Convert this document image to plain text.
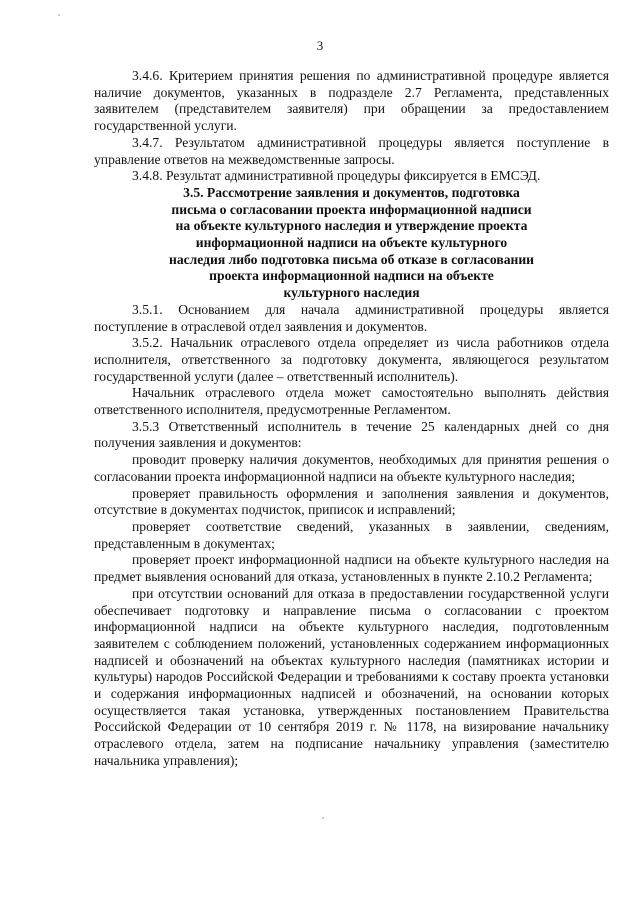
3

3.4.6. Критерием принятия решения по административной процедуре является наличие документов, указанных в подразделе 2.7 Регламента, представленных заявителем (представителем заявителя) при обращении за предоставлением государственной услуги.

3.4.7. Результатом административной процедуры является поступление в управление ответов на межведомственные запросы.

3.4.8. Результат административной процедуры фиксируется в ЕМСЭД.

3.5. Рассмотрение заявления и документов, подготовка
письма о согласовании проекта информационной надписи
на объекте культурного наследия и утверждение проекта
информационной надписи на объекте культурного
наследия либо подготовка письма об отказе в согласовании
проекта информационной надписи на объекте
культурного наследия

3.5.1. Основанием для начала административной процедуры является поступление в отраслевой отдел заявления и документов.

3.5.2. Начальник отраслевого отдела определяет из числа работников отдела исполнителя, ответственного за подготовку документа, являющегося результатом государственной услуги (далее – ответственный исполнитель).

Начальник отраслевого отдела может самостоятельно выполнять действия ответственного исполнителя, предусмотренные Регламентом.

3.5.3 Ответственный исполнитель в течение 25 календарных дней со дня получения заявления и документов:

проводит проверку наличия документов, необходимых для принятия решения о согласовании проекта информационной надписи на объекте культурного наследия;

проверяет правильность оформления и заполнения заявления и документов, отсутствие в документах подчисток, приписок и исправлений;

проверяет соответствие сведений, указанных в заявлении, сведениям, представленным в документах;

проверяет проект информационной надписи на объекте культурного наследия на предмет выявления оснований для отказа, установленных в пункте 2.10.2 Регламента;

при отсутствии оснований для отказа в предоставлении государственной услуги обеспечивает подготовку и направление письма о согласовании с проектом информационной надписи на объекте культурного наследия, подготовленным заявителем с соблюдением положений, установленных содержанием информационных надписей и обозначений на объектах культурного наследия (памятниках истории и культуры) народов Российской Федерации и требованиями к составу проекта установки и содержания информационных надписей и обозначений, на основании которых осуществляется такая установка, утвержденных постановлением Правительства Российской Федерации от 10 сентября 2019 г. № 1178, на визирование начальнику отраслевого отдела, затем на подписание начальнику управления (заместителю начальника управления);
